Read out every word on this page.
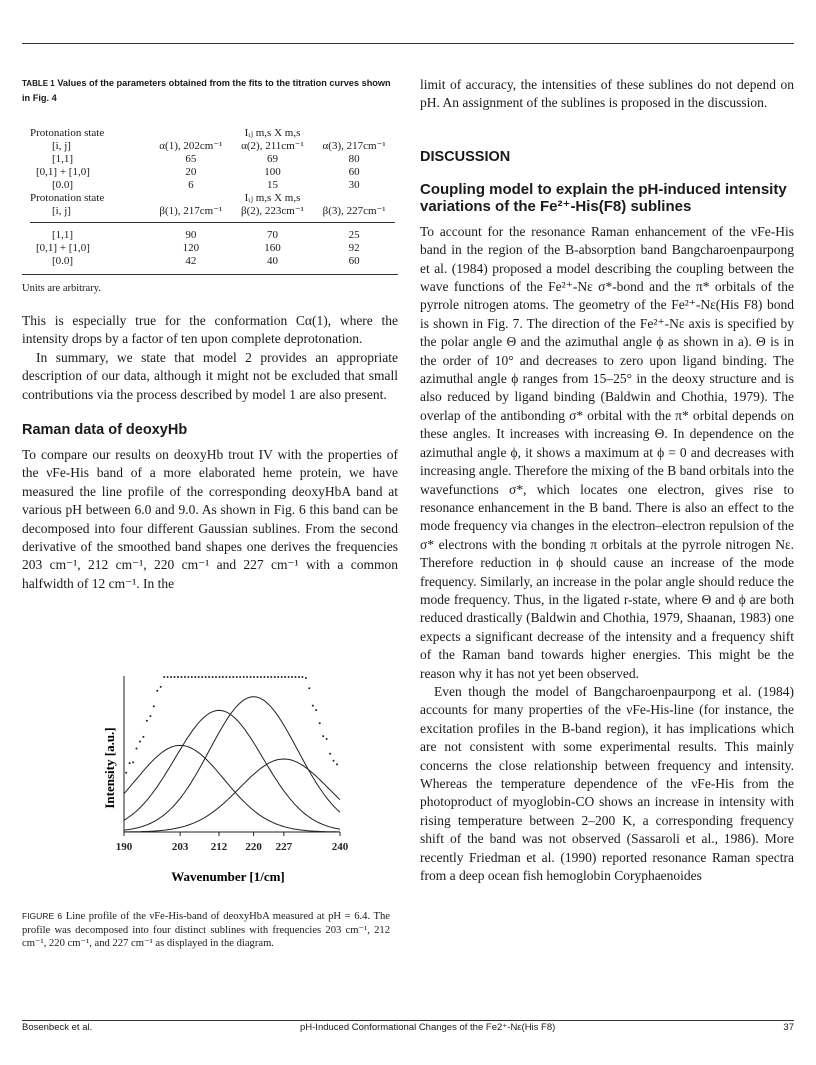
TABLE 1 Values of the parameters obtained from the fits to the titration curves shown in Fig. 4
Protonation state		Iᵢⱼ m,s X m,s	
[i, j]	α(1), 202cm⁻¹	α(2), 211cm⁻¹	α(3), 217cm⁻¹
[1,1]	65	69	80
[0,1] + [1,0]	20	100	60
[0.0]	6	15	30
Protonation state		Iᵢⱼ m,s X m,s	
[i, j]	β(1), 217cm⁻¹	β(2), 223cm⁻¹	β(3), 227cm⁻¹

[1,1]	90	70	25
[0,1] + [1,0]	120	160	92
[0.0]	42	40	60
Units are arbitrary.

This is especially true for the conformation Cα(1), where the intensity drops by a factor of ten upon complete deprotonation.

In summary, we state that model 2 provides an appropriate description of our data, although it might not be excluded that small contributions via the process described by model 1 are also present.

Raman data of deoxyHb

To compare our results on deoxyHb trout IV with the properties of the νFe-His band of a more elaborated heme protein, we have measured the line profile of the corresponding deoxyHbA band at various pH between 6.0 and 9.0. As shown in Fig. 6 this band can be decomposed into four different Gaussian sublines. From the second derivative of the smoothed band shapes one derives the frequencies 203 cm⁻¹, 212 cm⁻¹, 220 cm⁻¹ and 227 cm⁻¹ with a common halfwidth of 12 cm⁻¹. In the

190	203 212 220 227	240
Intensity [a.u.]
Wavenumber [1/cm]
FIGURE 6 Line profile of the νFe-His-band of deoxyHbA measured at pH = 6.4. The profile was decomposed into four distinct sublines with frequencies 203 cm⁻¹, 212 cm⁻¹, 220 cm⁻¹, and 227 cm⁻¹ as displayed in the diagram.

limit of accuracy, the intensities of these sublines do not depend on pH. An assignment of the sublines is proposed in the discussion.

DISCUSSION
Coupling model to explain the pH-induced intensity variations of the Fe²⁺-His(F8) sublines

To account for the resonance Raman enhancement of the νFe-His band in the region of the B-absorption band Bangcharoenpaurpong et al. (1984) proposed a model describing the coupling between the wave functions of the Fe²⁺-Nε σ*-bond and the π* orbitals of the pyrrole nitrogen atoms. The geometry of the Fe²⁺-Nε(His F8) bond is shown in Fig. 7. The direction of the Fe²⁺-Nε axis is specified by the polar angle Θ and the azimuthal angle ϕ as shown in a). Θ is in the order of 10° and decreases to zero upon ligand binding. The azimuthal angle ϕ ranges from 15–25° in the deoxy structure and is also reduced by ligand binding (Baldwin and Chothia, 1979). The overlap of the antibonding σ* orbital with the π* orbital depends on these angles. It increases with increasing Θ. In dependence on the azimuthal angle ϕ, it shows a maximum at ϕ = 0 and decreases with increasing angle. Therefore the mixing of the B band orbitals into the wavefunctions σ*, which locates one electron, gives rise to resonance enhancement in the B band. There is also an effect to the mode frequency via changes in the electron–electron repulsion of the σ* electrons with the bonding π orbitals at the pyrrole nitrogen Nε. Therefore reduction in ϕ should cause an increase of the mode frequency. Similarly, an increase in the polar angle should reduce the mode frequency. Thus, in the ligated r-state, where Θ and ϕ are both reduced drastically (Baldwin and Chothia, 1979, Shaanan, 1983) one expects a significant decrease of the intensity and a frequency shift of the Raman band towards higher energies. This might be the reason why it has not yet been observed.

Even though the model of Bangcharoenpaurpong et al. (1984) accounts for many properties of the νFe-His-line (for instance, the excitation profiles in the B-band region), it has implications which are not consistent with some experimental results. This mainly concerns the close relationship between frequency and intensity. Whereas the temperature dependence of the νFe-His from the photoproduct of myoglobin-CO shows an increase in intensity with rising temperature between 2–200 K, a corresponding frequency shift of the band was not observed (Sassaroli et al., 1986). More recently Friedman et al. (1990) reported resonance Raman spectra from a deep ocean fish hemoglobin Coryphaenoides

Bosenbeck et al.	pH-Induced Conformational Changes of the Fe2⁺-Nε(His F8)	37
